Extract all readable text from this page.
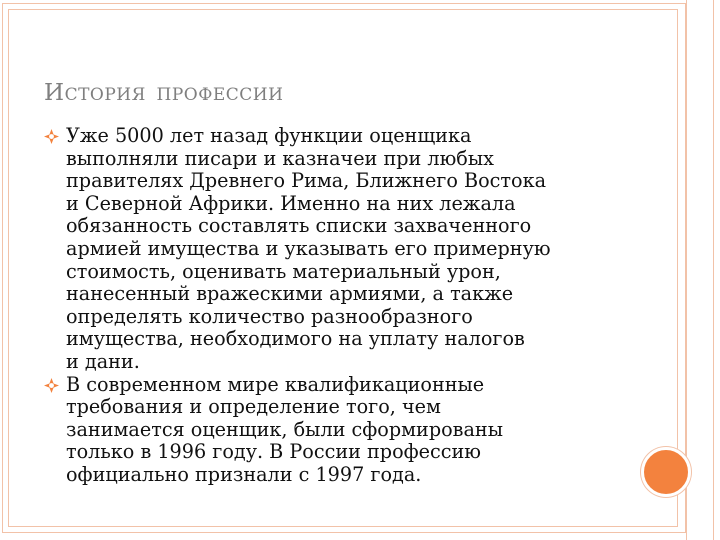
ИСТОРИЯ ПРОФЕССИИ
Уже 5000 лет назад функции оценщика
выполняли писари и казначеи при любых
правителях Древнего Рима, Ближнего Востока
и Северной Африки. Именно на них лежала
обязанность составлять списки захваченного
армией имущества и указывать его примерную
стоимость, оценивать материальный урон,
нанесенный вражескими армиями, а также
определять количество разнообразного
имущества, необходимого на уплату налогов
и дани.
В современном мире квалификационные
требования и определение того, чем
занимается оценщик, были сформированы
только в 1996 году. В России профессию
официально признали с 1997 года.
